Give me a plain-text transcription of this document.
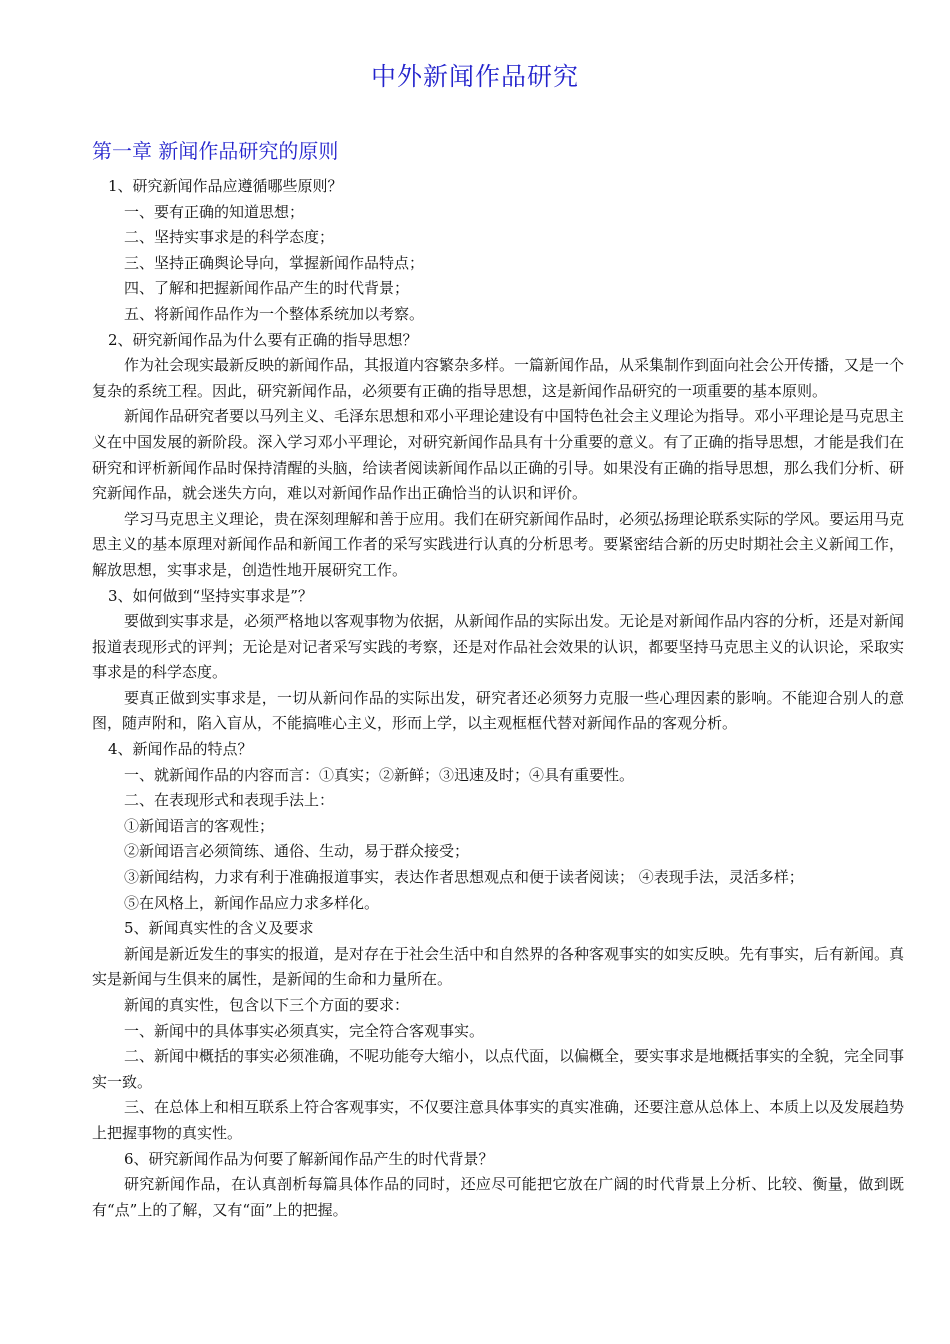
中外新闻作品研究
第一章 新闻作品研究的原则

1、研究新闻作品应遵循哪些原则？

一、要有正确的知道思想；

二、坚持实事求是的科学态度；

三、坚持正确舆论导向，掌握新闻作品特点；

四、了解和把握新闻作品产生的时代背景；

五、将新闻作品作为一个整体系统加以考察。

2、研究新闻作品为什么要有正确的指导思想？

作为社会现实最新反映的新闻作品，其报道内容繁杂多样。一篇新闻作品，从采集制作到面向社会公开传播，又是一个复杂的系统工程。因此，研究新闻作品，必须要有正确的指导思想，这是新闻作品研究的一项重要的基本原则。

新闻作品研究者要以马列主义、毛泽东思想和邓小平理论建设有中国特色社会主义理论为指导。邓小平理论是马克思主义在中国发展的新阶段。深入学习邓小平理论，对研究新闻作品具有十分重要的意义。有了正确的指导思想，才能是我们在研究和评析新闻作品时保持清醒的头脑，给读者阅读新闻作品以正确的引导。如果没有正确的指导思想，那么我们分析、研究新闻作品，就会迷失方向，难以对新闻作品作出正确恰当的认识和评价。

学习马克思主义理论，贵在深刻理解和善于应用。我们在研究新闻作品时，必须弘扬理论联系实际的学风。要运用马克思主义的基本原理对新闻作品和新闻工作者的采写实践进行认真的分析思考。要紧密结合新的历史时期社会主义新闻工作，解放思想，实事求是，创造性地开展研究工作。

3、如何做到“坚持实事求是”？

要做到实事求是，必须严格地以客观事物为依据，从新闻作品的实际出发。无论是对新闻作品内容的分析，还是对新闻报道表现形式的评判；无论是对记者采写实践的考察，还是对作品社会效果的认识，都要坚持马克思主义的认识论，采取实事求是的科学态度。

要真正做到实事求是，一切从新问作品的实际出发，研究者还必须努力克服一些心理因素的影响。不能迎合别人的意图，随声附和，陷入盲从，不能搞唯心主义，形而上学，以主观框框代替对新闻作品的客观分析。

4、新闻作品的特点？

一、就新闻作品的内容而言：①真实；②新鲜；③迅速及时；④具有重要性。

二、在表现形式和表现手法上：

①新闻语言的客观性；

②新闻语言必须简练、通俗、生动，易于群众接受；

③新闻结构，力求有利于准确报道事实，表达作者思想观点和便于读者阅读； ④表现手法，灵活多样；

⑤在风格上，新闻作品应力求多样化。

5、新闻真实性的含义及要求

新闻是新近发生的事实的报道，是对存在于社会生活中和自然界的各种客观事实的如实反映。先有事实，后有新闻。真实是新闻与生俱来的属性，是新闻的生命和力量所在。

新闻的真实性，包含以下三个方面的要求：

一、新闻中的具体事实必须真实，完全符合客观事实。

二、新闻中概括的事实必须准确，不呢功能夸大缩小，以点代面，以偏概全，要实事求是地概括事实的全貌，完全同事实一致。

三、在总体上和相互联系上符合客观事实，不仅要注意具体事实的真实准确，还要注意从总体上、本质上以及发展趋势上把握事物的真实性。

6、研究新闻作品为何要了解新闻作品产生的时代背景？

研究新闻作品，在认真剖析每篇具体作品的同时，还应尽可能把它放在广阔的时代背景上分析、比较、衡量，做到既有“点”上的了解，又有“面”上的把握。
